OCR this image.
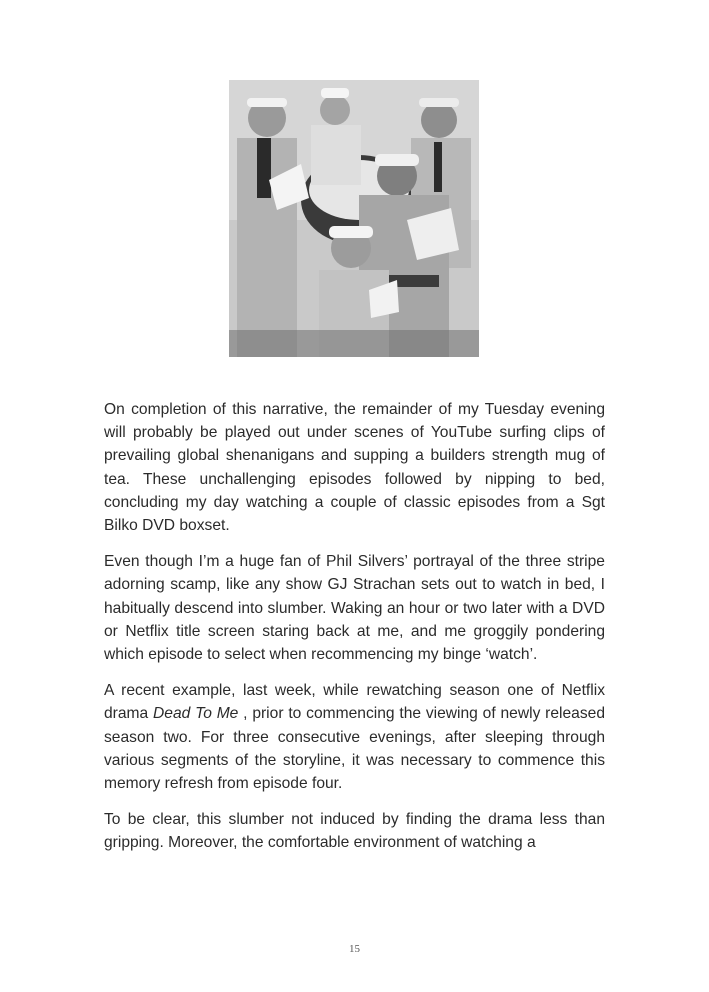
On completion of this narrative, the remainder of my Tuesday evening will probably be played out under scenes of YouTube surfing clips of prevailing global shenanigans and supping a builders strength mug of tea. These unchallenging episodes followed by nipping to bed, concluding my day watching a couple of classic episodes from a Sgt Bilko DVD boxset.

Even though I’m a huge fan of Phil Silvers’ portrayal of the three stripe adorning scamp, like any show GJ Strachan sets out to watch in bed, I habitually descend into slumber. Waking an hour or two later with a DVD or Netflix title screen staring back at me, and me groggily pondering which episode to select when recommencing my binge ‘watch’.

A recent example, last week, while rewatching season one of Netflix drama Dead To Me , prior to commencing the viewing of newly released season two. For three consecutive evenings, after sleeping through various segments of the storyline, it was necessary to commence this memory refresh from episode four.

To be clear, this slumber not induced by finding the drama less than gripping. Moreover, the comfortable environment of watching a

15
